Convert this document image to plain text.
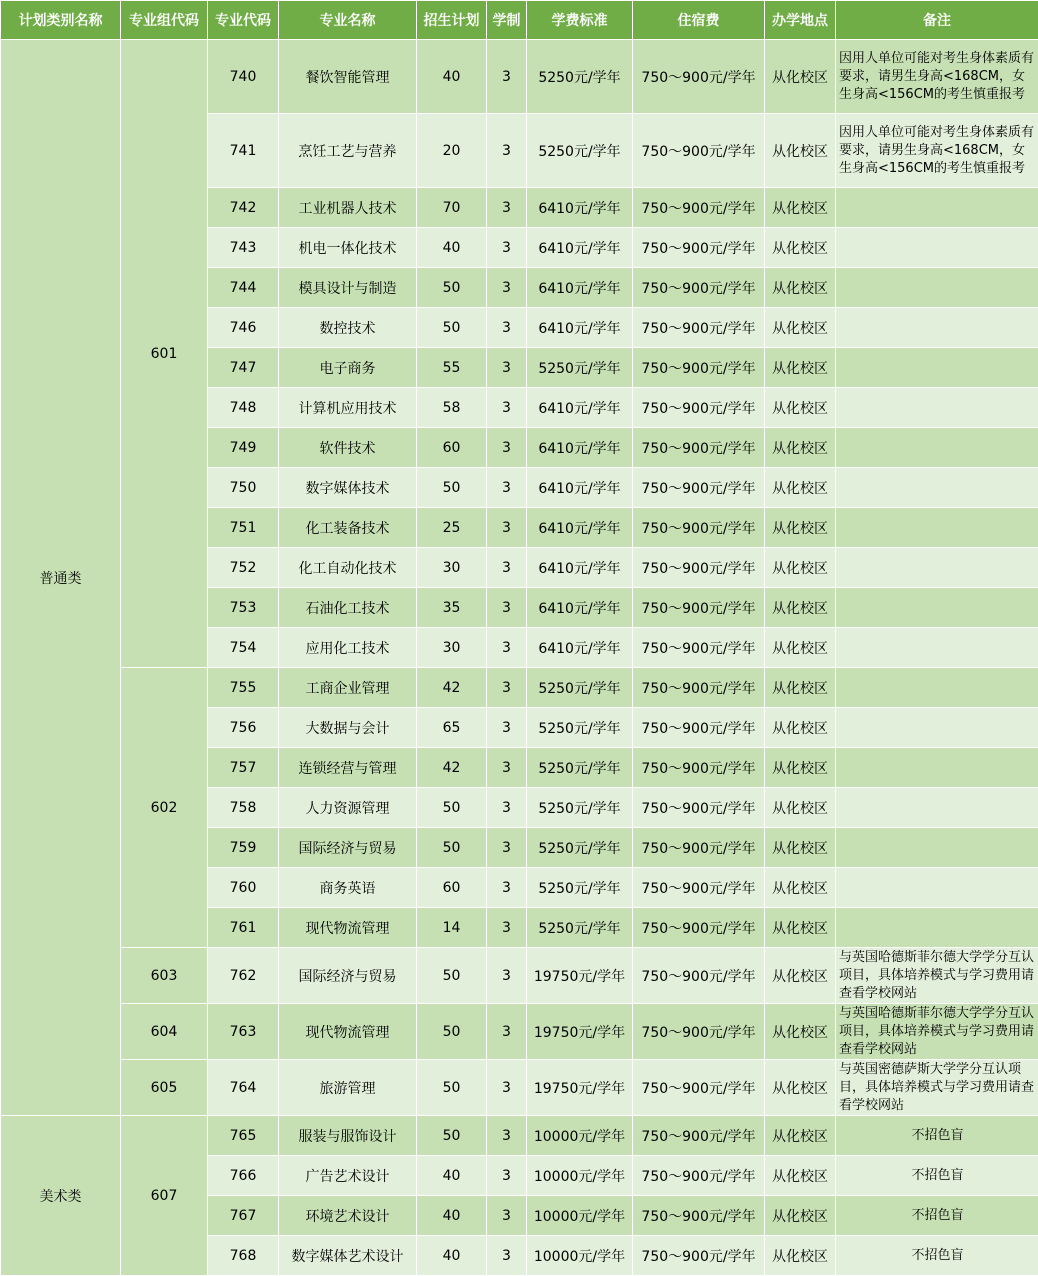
计划类别名称	专业组代码	专业代码	专业名称	招生计划	学制	学费标准	住宿费	办学地点	备注
普通类	601	740	餐饮智能管理	40	3	5250元/学年	750～900元/学年	从化校区	因用人单位可能对考生身体素质有要求，请男生身高<168CM，女生身高<156CM的考生慎重报考
		741	烹饪工艺与营养	20	3	5250元/学年	750～900元/学年	从化校区	因用人单位可能对考生身体素质有要求，请男生身高<168CM，女生身高<156CM的考生慎重报考
		742	工业机器人技术	70	3	6410元/学年	750～900元/学年	从化校区	
		743	机电一体化技术	40	3	6410元/学年	750～900元/学年	从化校区	
		744	模具设计与制造	50	3	6410元/学年	750～900元/学年	从化校区	
		746	数控技术	50	3	6410元/学年	750～900元/学年	从化校区	
		747	电子商务	55	3	5250元/学年	750～900元/学年	从化校区	
		748	计算机应用技术	58	3	6410元/学年	750～900元/学年	从化校区	
		749	软件技术	60	3	6410元/学年	750～900元/学年	从化校区	
		750	数字媒体技术	50	3	6410元/学年	750～900元/学年	从化校区	
		751	化工装备技术	25	3	6410元/学年	750～900元/学年	从化校区	
		752	化工自动化技术	30	3	6410元/学年	750～900元/学年	从化校区	
		753	石油化工技术	35	3	6410元/学年	750～900元/学年	从化校区	
		754	应用化工技术	30	3	6410元/学年	750～900元/学年	从化校区	
	602	755	工商企业管理	42	3	5250元/学年	750～900元/学年	从化校区	
		756	大数据与会计	65	3	5250元/学年	750～900元/学年	从化校区	
		757	连锁经营与管理	42	3	5250元/学年	750～900元/学年	从化校区	
		758	人力资源管理	50	3	5250元/学年	750～900元/学年	从化校区	
		759	国际经济与贸易	50	3	5250元/学年	750～900元/学年	从化校区	
		760	商务英语	60	3	5250元/学年	750～900元/学年	从化校区	
		761	现代物流管理	14	3	5250元/学年	750～900元/学年	从化校区	
	603	762	国际经济与贸易	50	3	19750元/学年	750～900元/学年	从化校区	与英国哈德斯菲尔德大学学分互认项目，具体培养模式与学习费用请查看学校网站
	604	763	现代物流管理	50	3	19750元/学年	750～900元/学年	从化校区	与英国哈德斯菲尔德大学学分互认项目，具体培养模式与学习费用请查看学校网站
	605	764	旅游管理	50	3	19750元/学年	750～900元/学年	从化校区	与英国密德萨斯大学学分互认项目，具体培养模式与学习费用请查看学校网站
美术类	607	765	服装与服饰设计	50	3	10000元/学年	750～900元/学年	从化校区	不招色盲
		766	广告艺术设计	40	3	10000元/学年	750～900元/学年	从化校区	不招色盲
		767	环境艺术设计	40	3	10000元/学年	750～900元/学年	从化校区	不招色盲
		768	数字媒体艺术设计	40	3	10000元/学年	750～900元/学年	从化校区	不招色盲
